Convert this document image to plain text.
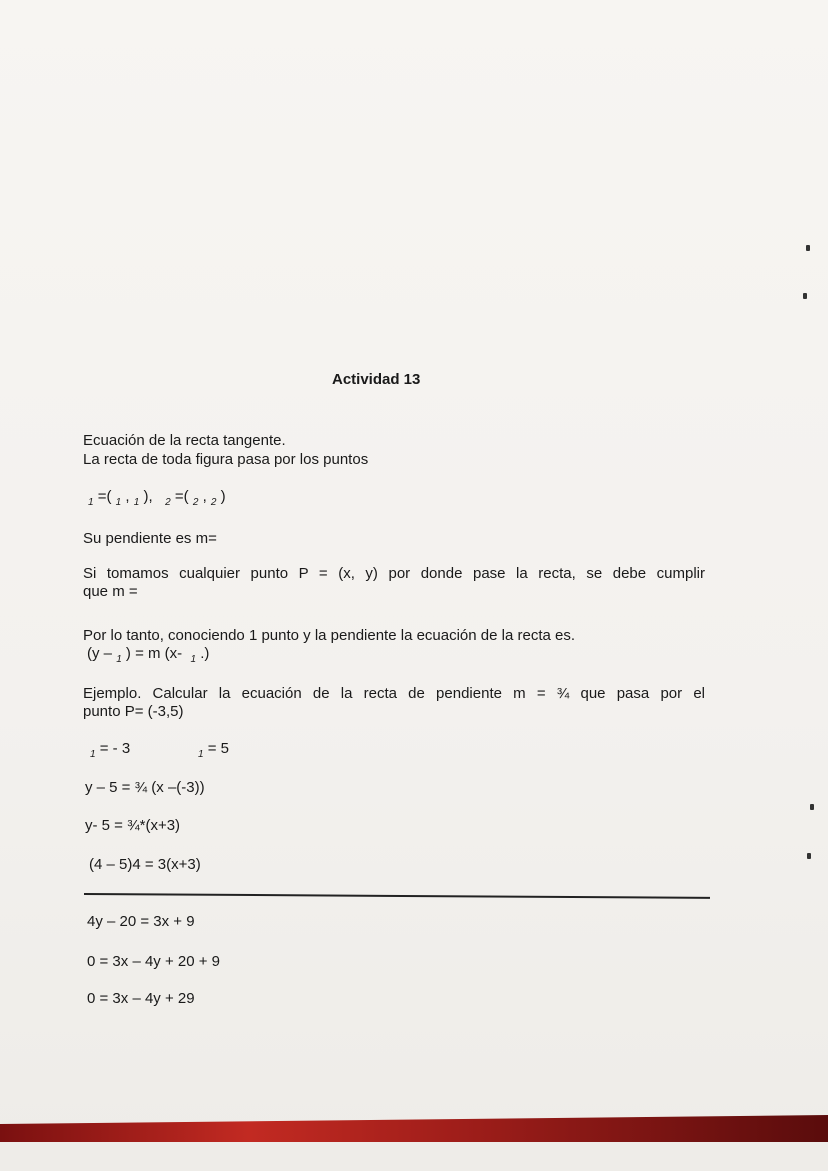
Actividad 13
Ecuación de la recta tangente.
La recta de toda figura pasa por los puntos
$_1$ =( $_1$ , $_1$ ), $_2$ =( $_2$ , $_2$ )
Su pendiente es m=
Si tomamos cualquier punto P = (x, y) por donde pase la recta, se debe cumplir
que m =
Por lo tanto, conociendo 1 punto y la pendiente la ecuación de la recta es.
(y – $_1$ ) = m (x- $_1$ .)
Ejemplo. Calcular la ecuación de la recta de pendiente m = ¾ que pasa por el
punto P= (-3,5)
$_1$ = - 3	$_1$ = 5
y – 5 = ¾ (x –(-3))
y- 5 = ¾*(x+3)
(4 – 5)4 = 3(x+3)
4y – 20 = 3x + 9
0 = 3x – 4y + 20 + 9
0 = 3x – 4y + 29
